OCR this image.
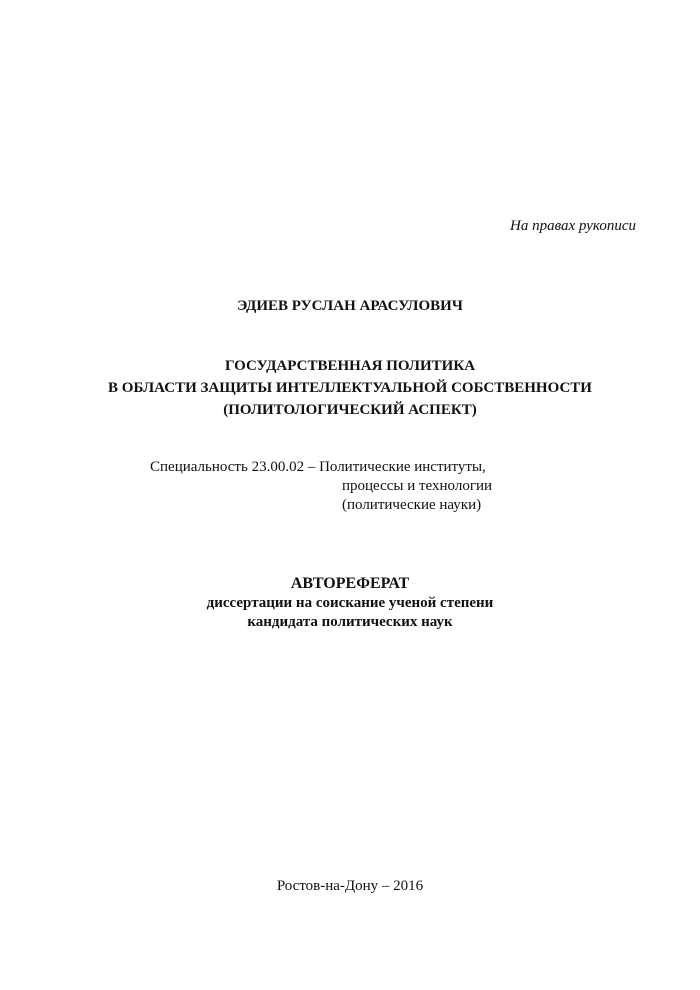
На правах рукописи
ЭДИЕВ РУСЛАН АРАСУЛОВИЧ
ГОСУДАРСТВЕННАЯ ПОЛИТИКА
В ОБЛАСТИ ЗАЩИТЫ ИНТЕЛЛЕКТУАЛЬНОЙ СОБСТВЕННОСТИ
(ПОЛИТОЛОГИЧЕСКИЙ АСПЕКТ)
Специальность 23.00.02 – Политические институты,
процессы и технологии
(политические науки)
АВТОРЕФЕРАТ
диссертации на соискание ученой степени
кандидата политических наук
Ростов-на-Дону – 2016
